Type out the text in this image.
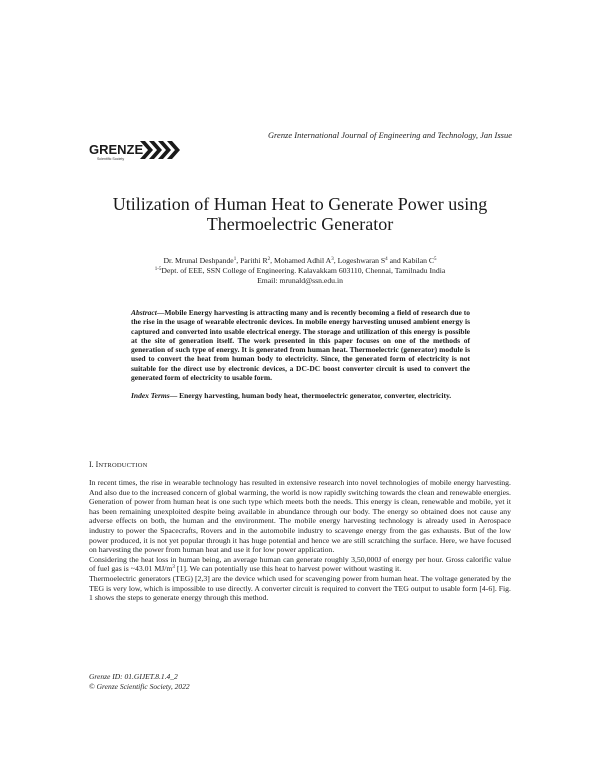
Grenze International Journal of Engineering and Technology, Jan Issue
GRENZE
Scientific Society
Utilization of Human Heat to Generate Power using
Thermoelectric Generator
Dr. Mrunal Deshpande$^1$, Parithi $R^2$, Mohamed Adhil $A^3$, Logeshwaran $S^4$ and Kabilan $C^5$
$^{1-5}$Dept. of EEE, SSN College of Engineering. Kalavakkam 603110, Chennai, Tamilnadu India
Email: mrunald@ssn.edu.in

Abstract—Mobile Energy harvesting is attracting many and is recently becoming a field of research due to the rise in the usage of wearable electronic devices. In mobile energy harvesting unused ambient energy is captured and converted into usable electrical energy. The storage and utilization of this energy is possible at the site of generation itself. The work presented in this paper focuses on one of the methods of generation of such type of energy. It is generated from human heat. Thermoelectric (generator) module is used to convert the heat from human body to electricity. Since, the generated form of electricity is not suitable for the direct use by electronic devices, a DC-DC boost converter circuit is used to convert the generated form of electricity to usable form.

Index Terms— Energy harvesting, human body heat, thermoelectric generator, converter, electricity.

I. INTRODUCTION

In recent times, the rise in wearable technology has resulted in extensive research into novel technologies of mobile energy harvesting. And also due to the increased concern of global warming, the world is now rapidly switching towards the clean and renewable energies. Generation of power from human heat is one such type which meets both the needs. This energy is clean, renewable and mobile, yet it has been remaining unexploited despite being available in abundance through our body. The energy so obtained does not cause any adverse effects on both, the human and the environment. The mobile energy harvesting technology is already used in Aerospace industry to power the Spacecrafts, Rovers and in the automobile industry to scavenge energy from the gas exhausts. But of the low power produced, it is not yet popular through it has huge potential and hence we are still scratching the surface. Here, we have focused on harvesting the power from human heat and use it for low power application.

Considering the heat loss in human being, an average human can generate roughly 3,50,000J of energy per hour. Gross calorific value of fuel gas is ~43.01 $MJ/m^3$ [1]. We can potentially use this heat to harvest power without wasting it.

Thermoelectric generators (TEG) [2,3] are the device which used for scavenging power from human heat. The voltage generated by the TEG is very low, which is impossible to use directly. A converter circuit is required to convert the TEG output to usable form [4-6]. Fig. 1 shows the steps to generate energy through this method.

Grenze ID: 01.GIJET.8.1.4_2
© Grenze Scientific Society, 2022
